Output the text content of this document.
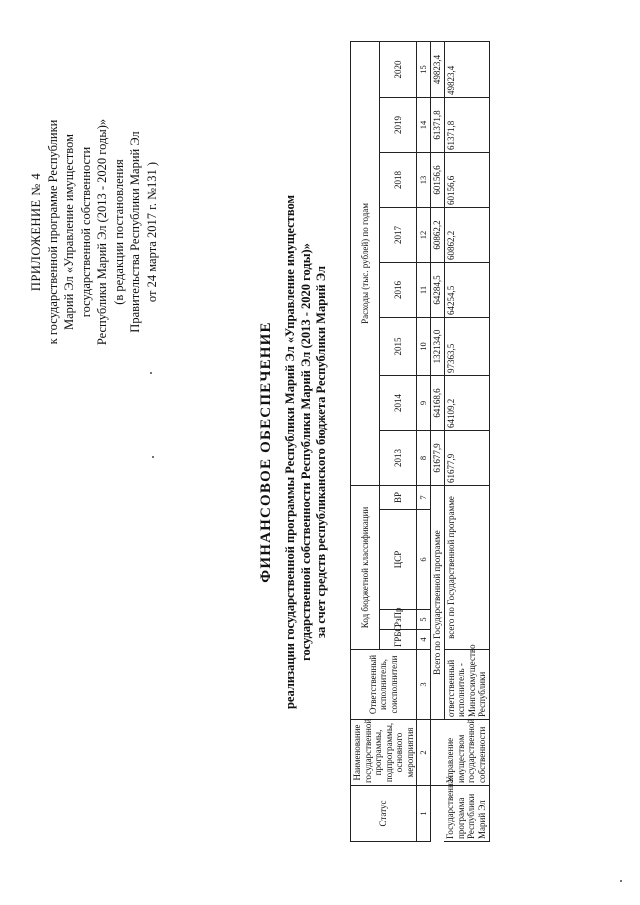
ПРИЛОЖЕНИЕ № 4 к государственной программе Республики Марий Эл «Управление имуществом государственной собственности Республики Марий Эл (2013 - 2020 годы)» (в редакции постановления Правительства Республики Марий Эл от 24 марта 2017 г. №131 )
ФИНАНСОВОЕ ОБЕСПЕЧЕНИЕ реализации государственной программы Республики Марий Эл «Управление имуществом государственной собственности Республики Марий Эл (2013 - 2020 годы)» за счет средств республиканского бюджета Республики Марий Эл
Статус	Наименование государственной программы, подпрограммы, основного мероприятия	Ответственный исполнитель, соисполнители	Код бюджетной классификации				Расходы (тыс. рублей) по годам							
			ГРБС	РзПр	ЦСР	ВР	2013	2014	2015	2016	2017	2018	2019	2020
1	2	3	4	5	6	7	8	9	10	11	12	13	14	15
		Всего по Государственной программе					61677,9	64168,6	132134,0	64284,5	60862,2	60156,6	61371,8	49823,4
Государственная программа Республики Марий Эл	Управление имуществом государственной собственности	ответственный исполнитель - Мингосимущество Республики	всего по Государственной программе				61677,9	64109,2	97363,5	64254,5	60862,2	60156,6	61371,8	49823,4
